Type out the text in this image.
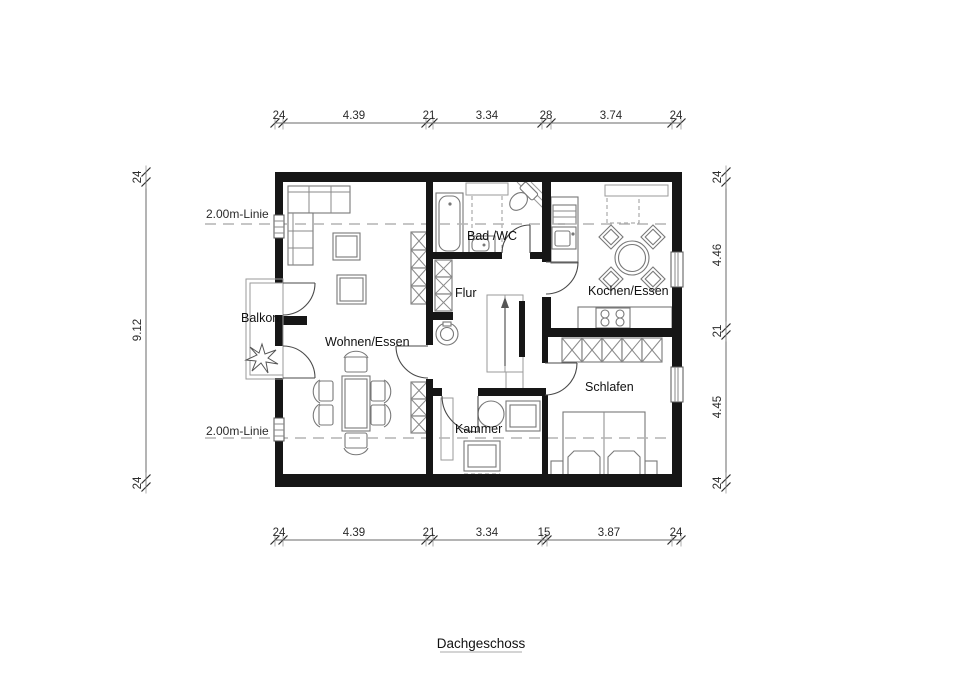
24	4.39	21	3.34	28	3.74	24
24	4.39	21	3.34	15	3.87	24
24
9.12
24
24
4.46
21
4.45
24
2.00m-Linie
2.00m-Linie
Balkon
Wohnen/Essen
Bad /WC
Flur	Kochen/Essen
Schlafen
Kammer
Dachgeschoss
